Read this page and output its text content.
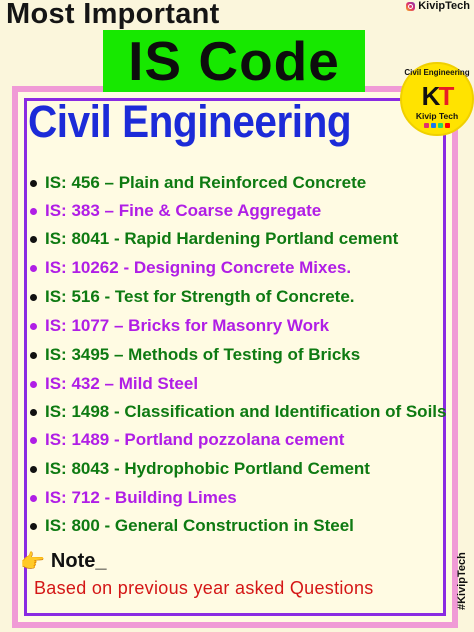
Most Important	KivipTech
IS Code	Civil Engineering
KT
Kivip Tech
Civil Engineering
IS: 456 – Plain and Reinforced Concrete
IS: 383 – Fine & Coarse Aggregate
IS: 8041 - Rapid Hardening Portland cement
IS: 10262 - Designing Concrete Mixes.
IS: 516 - Test for Strength of Concrete.
IS: 1077 – Bricks for Masonry Work
IS: 3495 – Methods of Testing of Bricks
IS: 432 – Mild Steel
IS: 1498 - Classification and Identification of Soils
IS: 1489 - Portland pozzolana cement
IS: 8043 - Hydrophobic Portland Cement
IS: 712 - Building Limes
IS: 800 - General Construction in Steel
👉 Note_
Based on previous year asked Questions	#KivipTech
